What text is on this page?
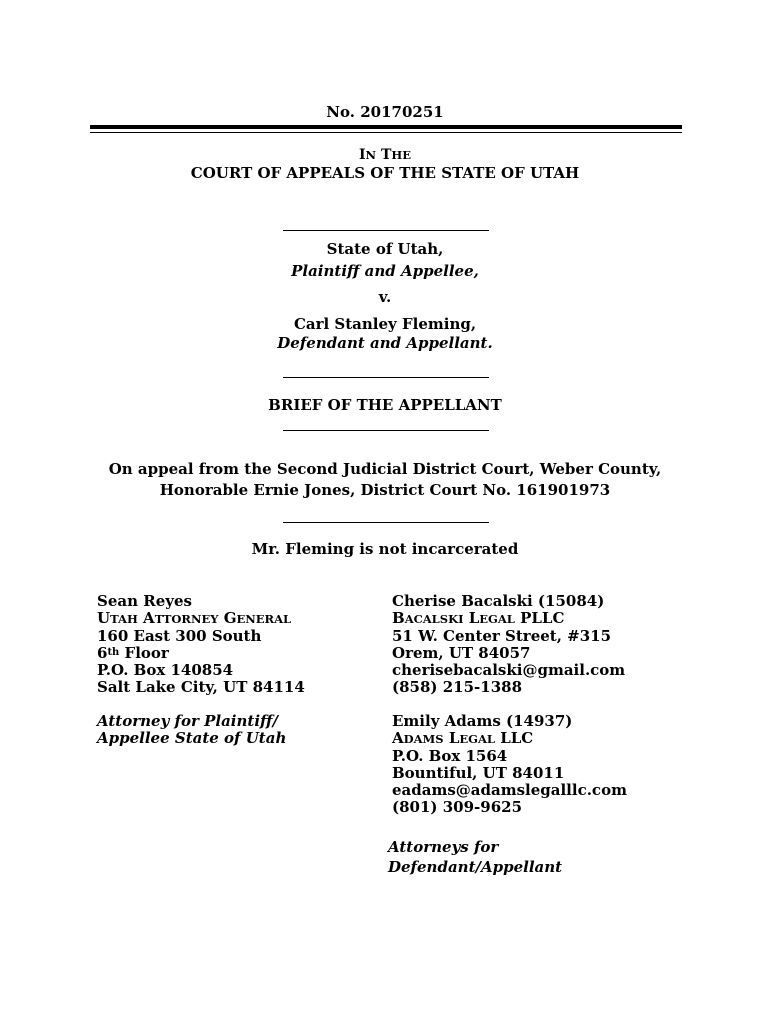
No. 20170251
IN THE
COURT OF APPEALS OF THE STATE OF UTAH
State of Utah,
Plaintiff and Appellee,
v.
Carl Stanley Fleming,
Defendant and Appellant.
BRIEF OF THE APPELLANT
On appeal from the Second Judicial District Court, Weber County,
Honorable Ernie Jones, District Court No. 161901973
Mr. Fleming is not incarcerated
Sean Reyes
UTAH ATTORNEY GENERAL
160 East 300 South
6th Floor
P.O. Box 140854
Salt Lake City, UT 84114
Attorney for Plaintiff/
Appellee State of Utah
Cherise Bacalski (15084)
BACALSKI LEGAL PLLC
51 W. Center Street, #315
Orem, UT 84057
cherisebacalski@gmail.com
(858) 215-1388
Emily Adams (14937)
ADAMS LEGAL LLC
P.O. Box 1564
Bountiful, UT 84011
eadams@adamslegalllc.com
(801) 309-9625
Attorneys for
Defendant/Appellant
